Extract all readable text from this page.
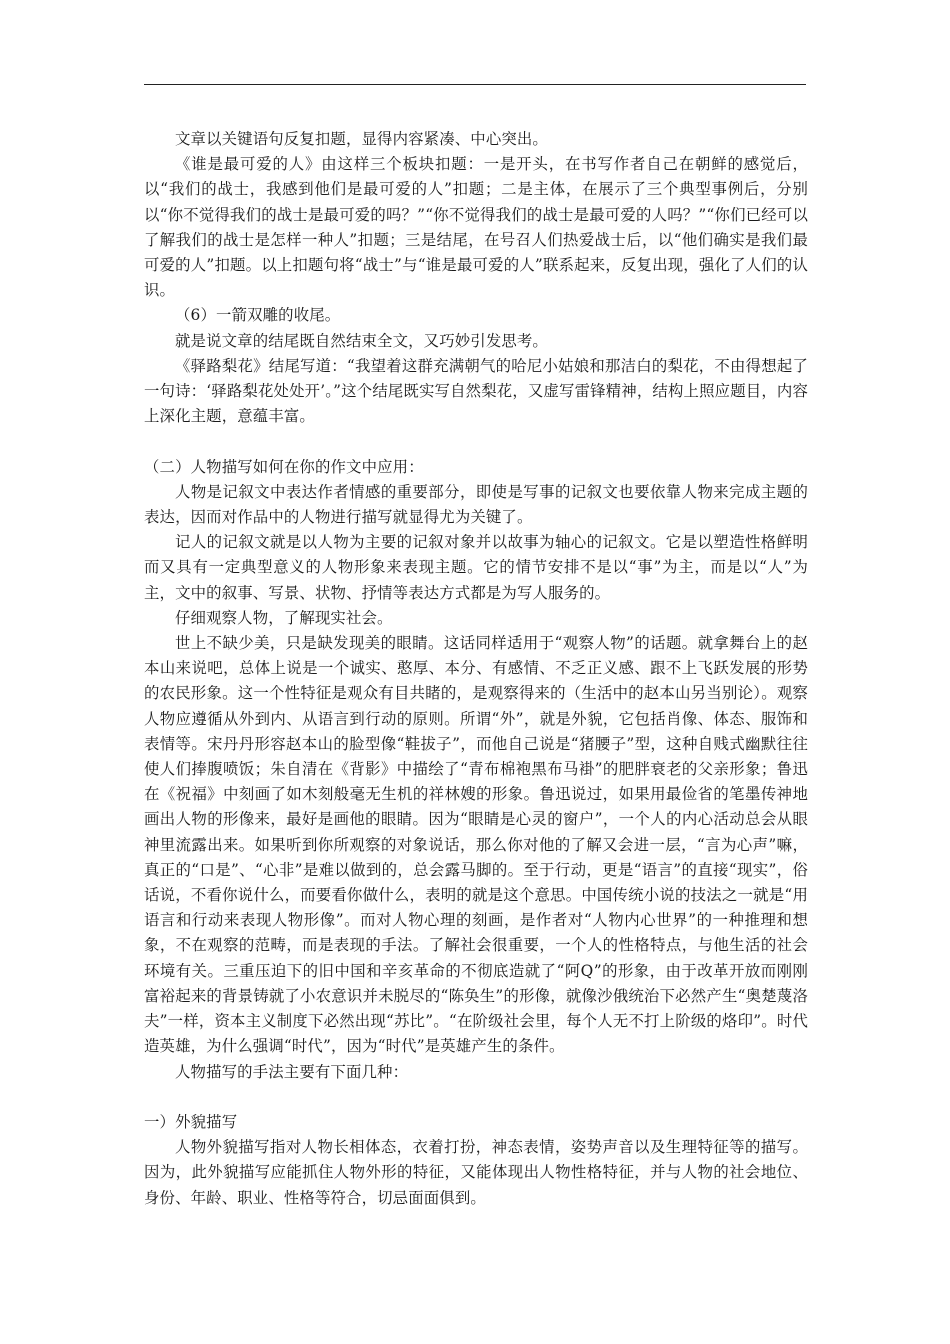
文章以关键语句反复扣题，显得内容紧凑、中心突出。

《谁是最可爱的人》由这样三个板块扣题：一是开头，在书写作者自己在朝鲜的感觉后，以“我们的战士，我感到他们是最可爱的人”扣题；二是主体，在展示了三个典型事例后，分别以“你不觉得我们的战士是最可爱的吗？”“你不觉得我们的战士是最可爱的人吗？”“你们已经可以了解我们的战士是怎样一种人”扣题；三是结尾，在号召人们热爱战士后，以“他们确实是我们最可爱的人”扣题。以上扣题句将“战士”与“谁是最可爱的人”联系起来，反复出现，强化了人们的认识。

（6）一箭双雕的收尾。

就是说文章的结尾既自然结束全文，又巧妙引发思考。

《驿路梨花》结尾写道：“我望着这群充满朝气的哈尼小姑娘和那洁白的梨花，不由得想起了一句诗：‘驿路梨花处处开’。”这个结尾既实写自然梨花，又虚写雷锋精神，结构上照应题目，内容上深化主题，意蕴丰富。

（二）人物描写如何在你的作文中应用：

人物是记叙文中表达作者情感的重要部分，即使是写事的记叙文也要依靠人物来完成主题的表达，因而对作品中的人物进行描写就显得尤为关键了。

记人的记叙文就是以人物为主要的记叙对象并以故事为轴心的记叙文。它是以塑造性格鲜明而又具有一定典型意义的人物形象来表现主题。它的情节安排不是以“事”为主，而是以“人”为主，文中的叙事、写景、状物、抒情等表达方式都是为写人服务的。

仔细观察人物，了解现实社会。

世上不缺少美，只是缺发现美的眼睛。这话同样适用于“观察人物”的话题。就拿舞台上的赵本山来说吧，总体上说是一个诚实、憨厚、本分、有感情、不乏正义感、跟不上飞跃发展的形势的农民形象。这一个性特征是观众有目共睹的，是观察得来的（生活中的赵本山另当别论）。观察人物应遵循从外到内、从语言到行动的原则。所谓“外”，就是外貌，它包括肖像、体态、服饰和表情等。宋丹丹形容赵本山的脸型像“鞋拔子”，而他自己说是“猪腰子”型，这种自贱式幽默往往使人们捧腹喷饭；朱自清在《背影》中描绘了“青布棉袍黑布马褂”的肥胖衰老的父亲形象；鲁迅在《祝福》中刻画了如木刻般毫无生机的祥林嫂的形象。鲁迅说过，如果用最俭省的笔墨传神地画出人物的形像来，最好是画他的眼睛。因为“眼睛是心灵的窗户”，一个人的内心活动总会从眼神里流露出来。如果听到你所观察的对象说话，那么你对他的了解又会进一层，“言为心声”嘛，真正的“口是”、“心非”是难以做到的，总会露马脚的。至于行动，更是“语言”的直接“现实”，俗话说，不看你说什么，而要看你做什么，表明的就是这个意思。中国传统小说的技法之一就是“用语言和行动来表现人物形像”。而对人物心理的刻画，是作者对“人物内心世界”的一种推理和想象，不在观察的范畴，而是表现的手法。了解社会很重要，一个人的性格特点，与他生活的社会环境有关。三重压迫下的旧中国和辛亥革命的不彻底造就了“阿Q”的形象，由于改革开放而刚刚富裕起来的背景铸就了小农意识并未脱尽的“陈奂生”的形像，就像沙俄统治下必然产生“奥楚蔑洛夫”一样，资本主义制度下必然出现“苏比”。“在阶级社会里，每个人无不打上阶级的烙印”。时代造英雄，为什么强调“时代”，因为“时代”是英雄产生的条件。

人物描写的手法主要有下面几种：

一）外貌描写

人物外貌描写指对人物长相体态，衣着打扮，神态表情，姿势声音以及生理特征等的描写。因为，此外貌描写应能抓住人物外形的特征，又能体现出人物性格特征，并与人物的社会地位、身份、年龄、职业、性格等符合，切忌面面俱到。
